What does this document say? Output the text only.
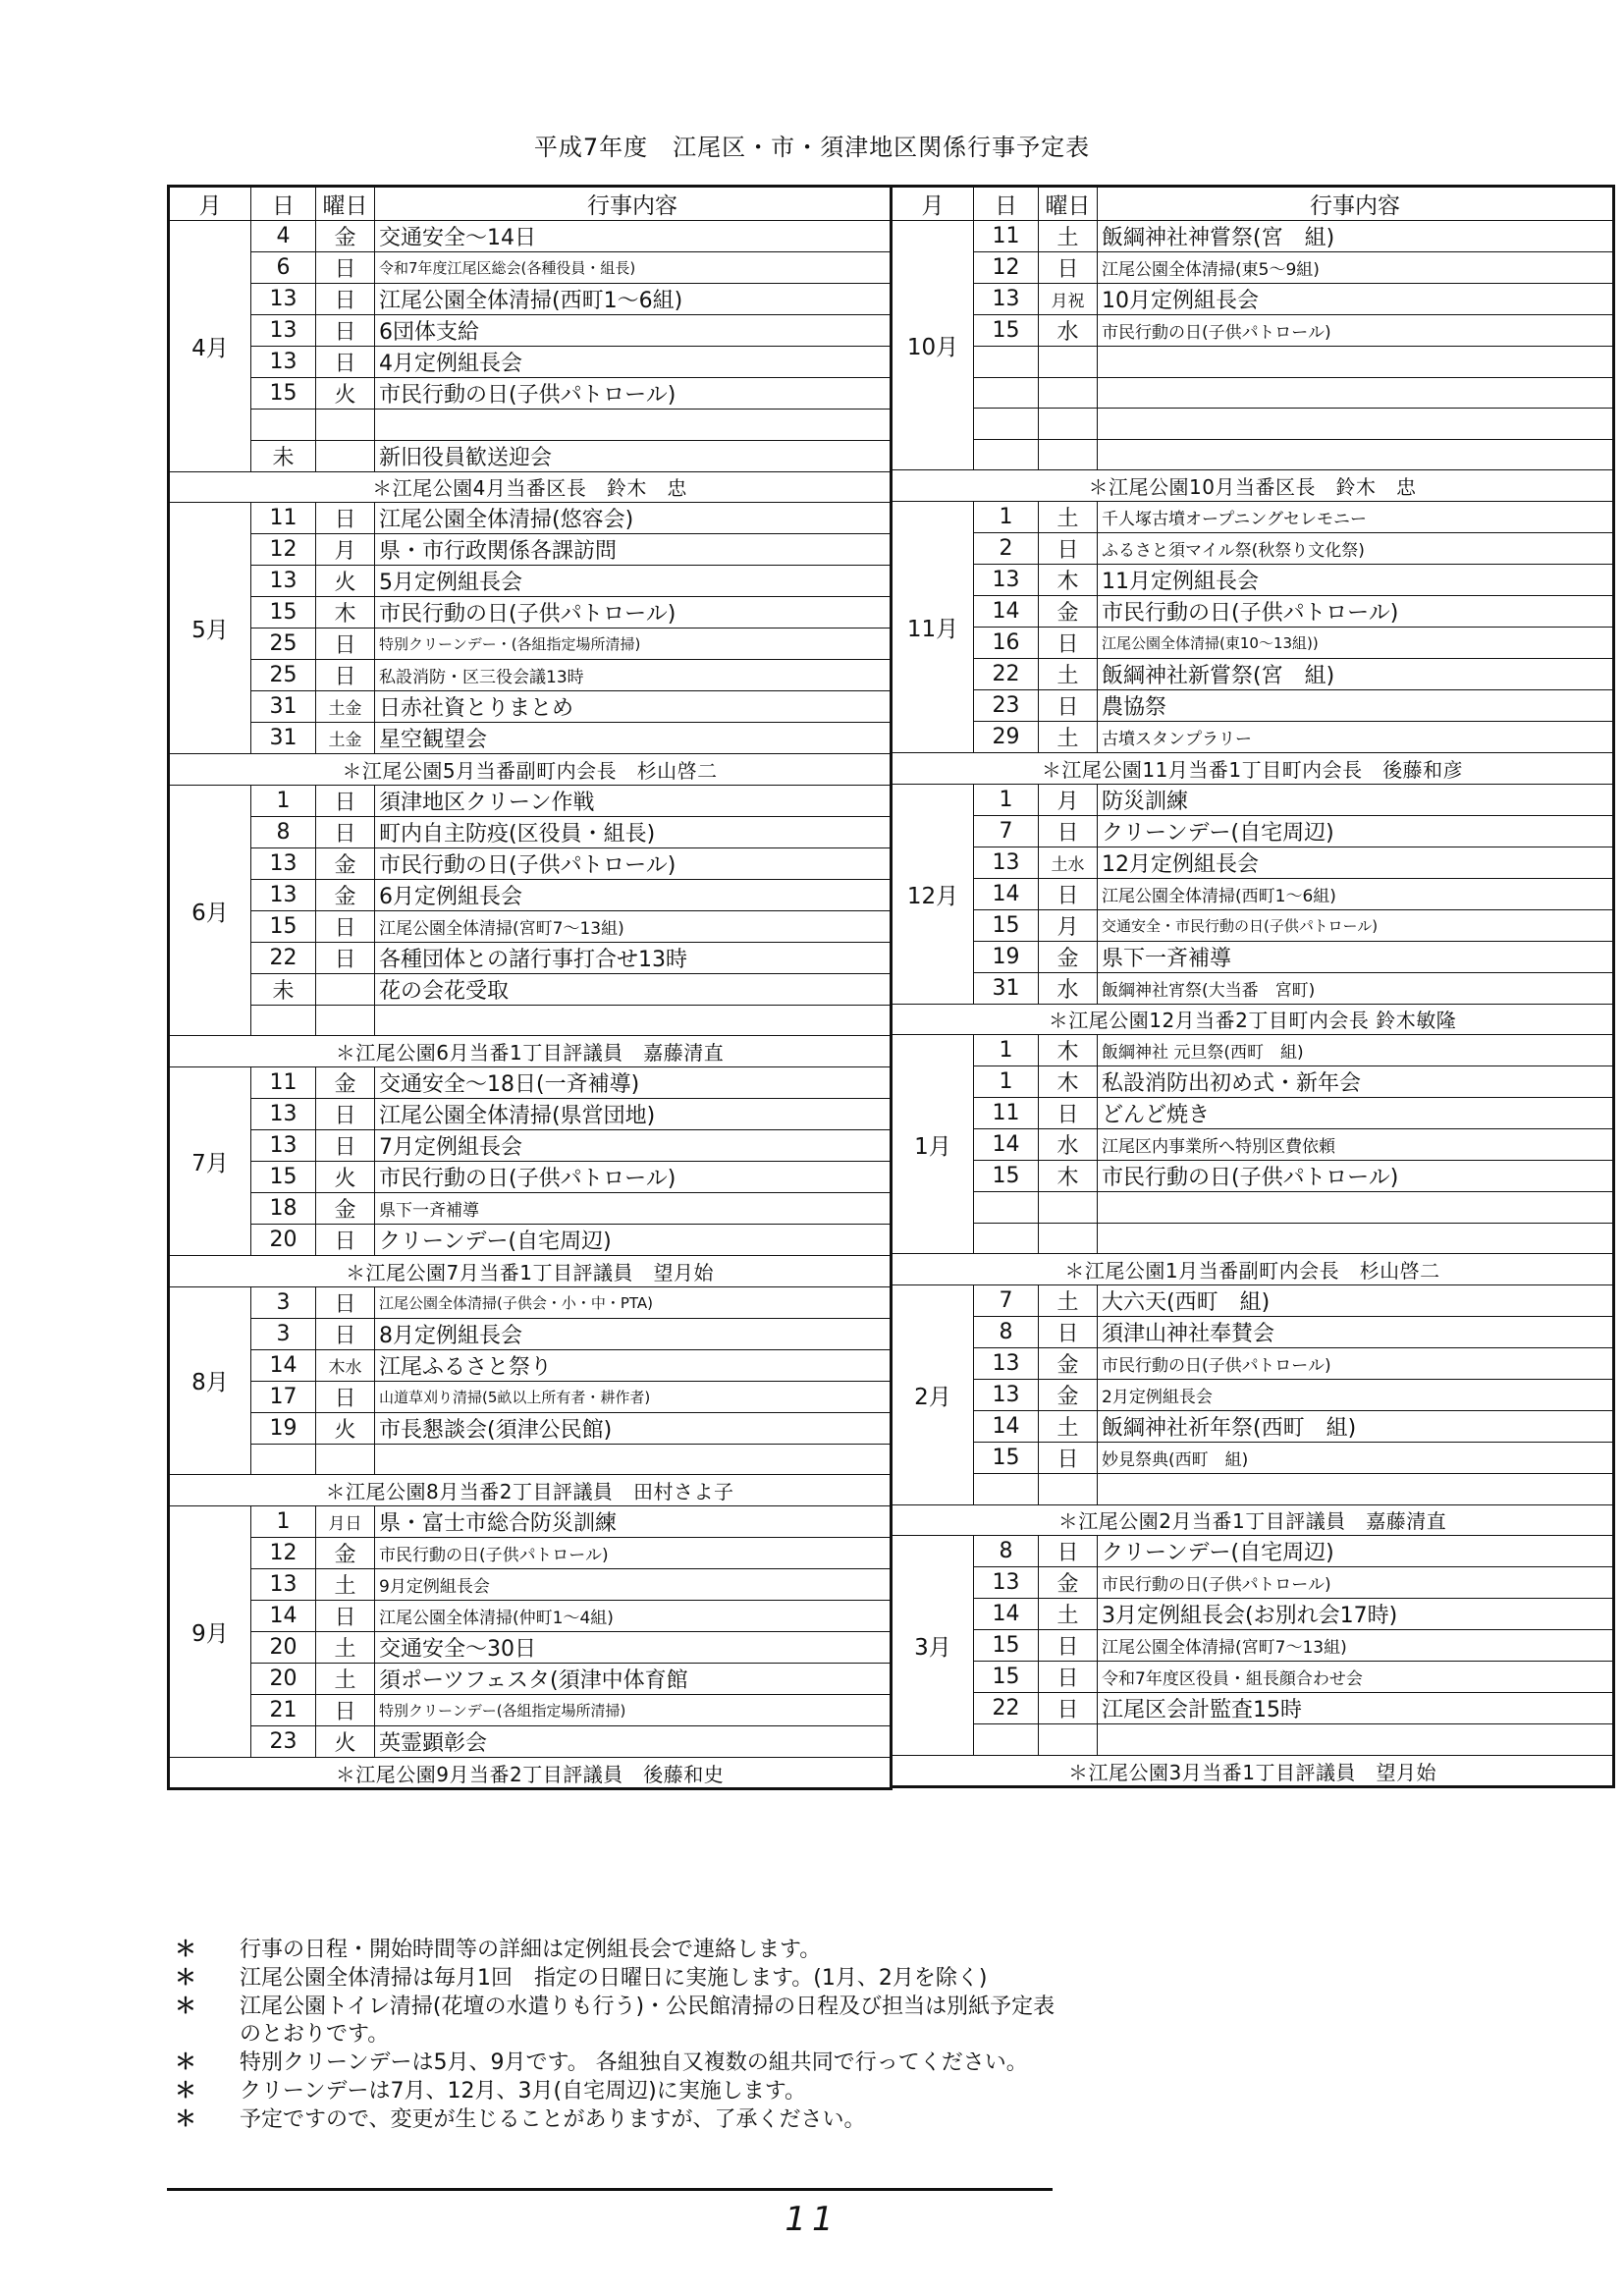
平成7年度　江尾区・市・須津地区関係行事予定表
月	日	曜日	行事内容
4月	4	金	交通安全～14日
	6	日	令和7年度江尾区総会(各種役員・組長)
	13	日	江尾公園全体清掃(西町1～6組)
	13	日	6団体支給
	13	日	4月定例組長会
	15	火	市民行動の日(子供パトロール)

	未		新旧役員歓送迎会
＊江尾公園4月当番区長　鈴木　忠			
5月	11	日	江尾公園全体清掃(悠容会)
	12	月	県・市行政関係各課訪問
	13	火	5月定例組長会
	15	木	市民行動の日(子供パトロール)
	25	日	特別クリーンデー・(各組指定場所清掃)
	25	日	私設消防・区三役会議13時
	31	土金	日赤社資とりまとめ
	31	土金	星空観望会
＊江尾公園5月当番副町内会長　杉山啓二			
6月	1	日	須津地区クリーン作戦
	8	日	町内自主防疫(区役員・組長)
	13	金	市民行動の日(子供パトロール)
	13	金	6月定例組長会
	15	日	江尾公園全体清掃(宮町7～13組)
	22	日	各種団体との諸行事打合せ13時
	未		花の会花受取

＊江尾公園6月当番1丁目評議員　嘉藤清直			
7月	11	金	交通安全～18日(一斉補導)
	13	日	江尾公園全体清掃(県営団地)
	13	日	7月定例組長会
	15	火	市民行動の日(子供パトロール)
	18	金	県下一斉補導
	20	日	クリーンデー(自宅周辺)
＊江尾公園7月当番1丁目評議員　望月始			
8月	3	日	江尾公園全体清掃(子供会・小・中・PTA)
	3	日	8月定例組長会
	14	木水	江尾ふるさと祭り
	17	日	山道草刈り清掃(5畝以上所有者・耕作者)
	19	火	市長懇談会(須津公民館)

＊江尾公園8月当番2丁目評議員　田村さよ子			
9月	1	月日	県・富士市総合防災訓練
	12	金	市民行動の日(子供パトロール)
	13	土	9月定例組長会
	14	日	江尾公園全体清掃(仲町1～4組)
	20	土	交通安全～30日
	20	土	須ポーツフェスタ(須津中体育館
	21	日	特別クリーンデー(各組指定場所清掃)
	23	火	英霊顕彰会
＊江尾公園9月当番2丁目評議員　後藤和史			
月	日	曜日	行事内容
10月	11	土	飯綱神社神嘗祭(宮　組)
	12	日	江尾公園全体清掃(東5～9組)
	13	月祝	10月定例組長会
	15	水	市民行動の日(子供パトロール)

＊江尾公園10月当番区長　鈴木　忠			
11月	1	土	千人塚古墳オープニングセレモニー
	2	日	ふるさと須マイル祭(秋祭り文化祭)
	13	木	11月定例組長会
	14	金	市民行動の日(子供パトロール)
	16	日	江尾公園全体清掃(東10～13組))
	22	土	飯綱神社新嘗祭(宮　組)
	23	日	農協祭
	29	土	古墳スタンプラリー
＊江尾公園11月当番1丁目町内会長　後藤和彦			
12月	1	月	防災訓練
	7	日	クリーンデー(自宅周辺)
	13	土水	12月定例組長会
	14	日	江尾公園全体清掃(西町1～6組)
	15	月	交通安全・市民行動の日(子供パトロール)
	19	金	県下一斉補導
	31	水	飯綱神社宵祭(大当番　宮町)
＊江尾公園12月当番2丁目町内会長 鈴木敏隆			
1月	1	木	飯綱神社 元旦祭(西町　組)
	1	木	私設消防出初め式・新年会
	11	日	どんど焼き
	14	水	江尾区内事業所へ特別区費依頼
	15	木	市民行動の日(子供パトロール)

＊江尾公園1月当番副町内会長　杉山啓二			
2月	7	土	大六天(西町　組)
	8	日	須津山神社奉賛会
	13	金	市民行動の日(子供パトロール)
	13	金	2月定例組長会
	14	土	飯綱神社祈年祭(西町　組)
	15	日	妙見祭典(西町　組)

＊江尾公園2月当番1丁目評議員　嘉藤清直			
3月	8	日	クリーンデー(自宅周辺)
	13	金	市民行動の日(子供パトロール)
	14	土	3月定例組長会(お別れ会17時)
	15	日	江尾公園全体清掃(宮町7～13組)
	15	日	令和7年度区役員・組長顔合わせ会
	22	日	江尾区会計監査15時

＊江尾公園3月当番1丁目評議員　望月始			
＊	行事の日程・開始時間等の詳細は定例組長会で連絡します。
＊	江尾公園全体清掃は毎月1回　指定の日曜日に実施します。(1月、2月を除く)
＊	江尾公園トイレ清掃(花壇の水遣りも行う)・公民館清掃の日程及び担当は別紙予定表
のとおりです。
＊	特別クリーンデーは5月、9月です。 各組独自又複数の組共同で行ってください。
＊	クリーンデーは7月、12月、3月(自宅周辺)に実施します。
＊	予定ですので、変更が生じることがありますが、了承ください。
11
